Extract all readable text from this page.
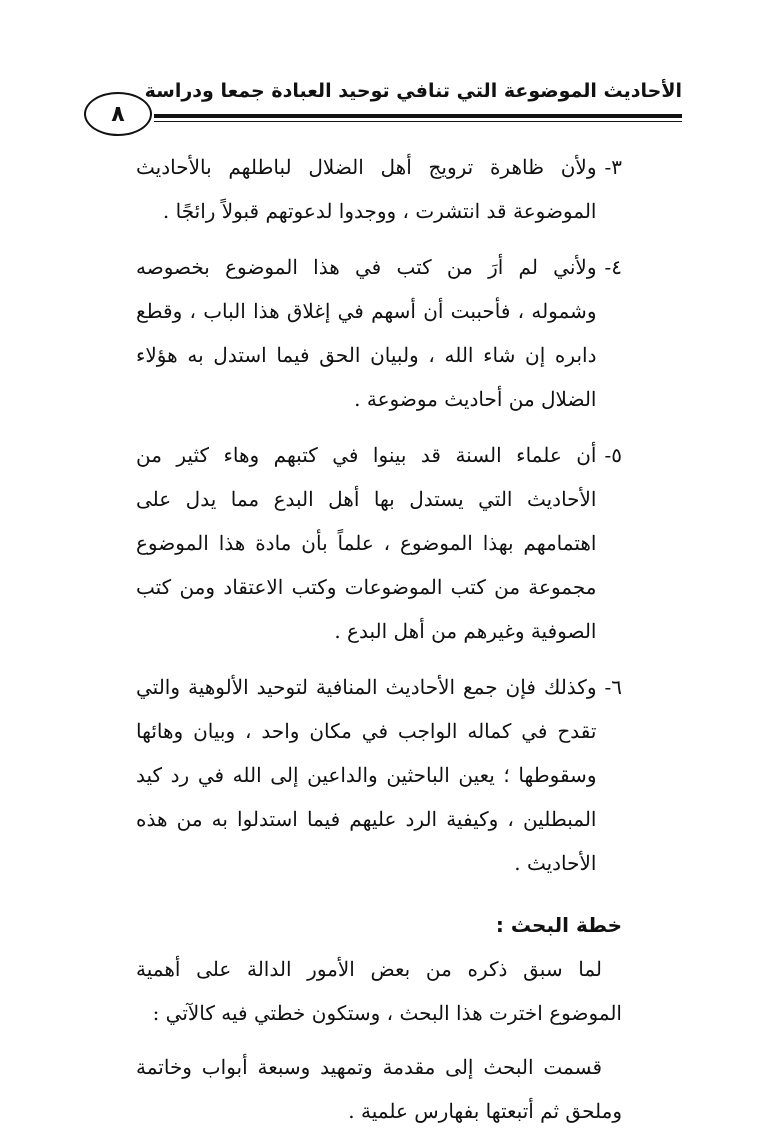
الأحاديث الموضوعة التي تنافي توحيد العبادة جمعا ودراسة
٨
٣-
ولأن ظاهرة ترويج أهل الضلال لباطلهم بالأحاديث الموضوعة قد انتشرت ، ووجدوا لدعوتهم قبولاً رائجًا .
٤-
ولأني لم أرَ من كتب في هذا الموضوع بخصوصه وشموله ، فأحببت أن أسهم في إغلاق هذا الباب ، وقطع دابره إن شاء الله ، ولبيان الحق فيما استدل به هؤلاء الضلال من أحاديث موضوعة .
٥-
أن علماء السنة قد بينوا في كتبهم وهاء كثير من الأحاديث التي يستدل بها أهل البدع مما يدل على اهتمامهم بهذا الموضوع ، علماً بأن مادة هذا الموضوع مجموعة من كتب الموضوعات وكتب الاعتقاد ومن كتب الصوفية وغيرهم من أهل البدع .
٦-
وكذلك فإن جمع الأحاديث المنافية لتوحيد الألوهية والتي تقدح في كماله الواجب في مكان واحد ، وبيان وهائها وسقوطها ؛ يعين الباحثين والداعين إلى الله في رد كيد المبطلين ، وكيفية الرد عليهم فيما استدلوا به من هذه الأحاديث .
خطة البحث :

لما سبق ذكره من بعض الأمور الدالة على أهمية الموضوع اخترت هذا البحث ، وستكون خطتي فيه كالآتي :

قسمت البحث إلى مقدمة وتمهيد وسبعة أبواب وخاتمة وملحق ثم أتبعتها بفهارس علمية .
